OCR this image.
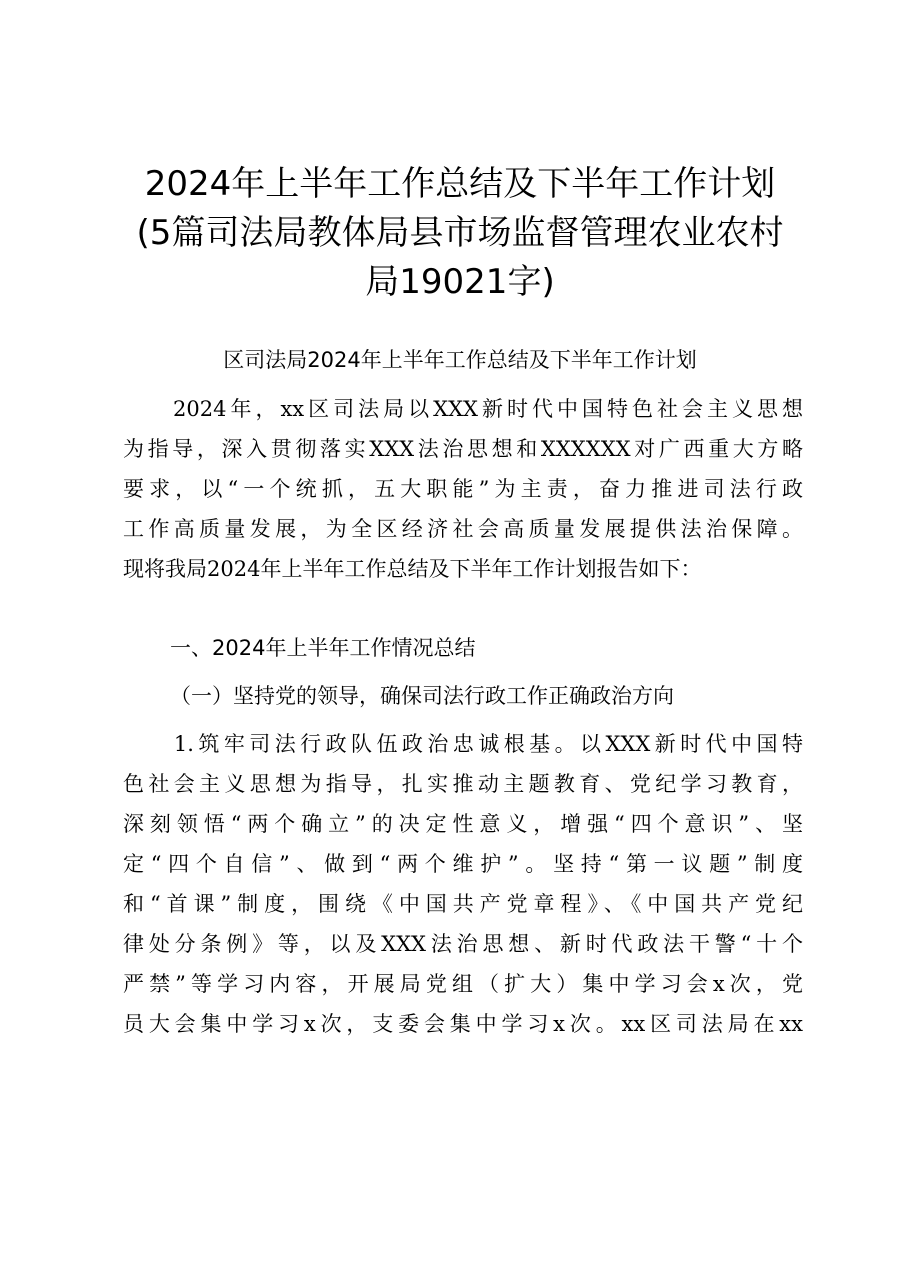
2024年上半年工作总结及下半年工作计划
(5篇司法局教体局县市场监督管理农业农村
局19021字)
区司法局2024年上半年工作总结及下半年工作计划
　　2024年，xx区司法局以XXX新时代中国特色社会主义思想
为指导，深入贯彻落实XXX法治思想和XXXXXX对广西重大方略
要求，以“一个统抓，五大职能”为主责，奋力推进司法行政
工作高质量发展，为全区经济社会高质量发展提供法治保障。
现将我局2024年上半年工作总结及下半年工作计划报告如下：
一、2024年上半年工作情况总结
（一）坚持党的领导，确保司法行政工作正确政治方向
　　1.筑牢司法行政队伍政治忠诚根基。以XXX新时代中国特
色社会主义思想为指导，扎实推动主题教育、党纪学习教育，
深刻领悟“两个确立”的决定性意义，增强“四个意识”、坚
定“四个自信”、做到“两个维护”。坚持“第一议题”制度
和“首课”制度，围绕《中国共产党章程》、《中国共产党纪
律处分条例》等，以及XXX法治思想、新时代政法干警“十个
严禁”等学习内容，开展局党组（扩大）集中学习会x次，党
员大会集中学习x次，支委会集中学习x次。xx区司法局在xx
